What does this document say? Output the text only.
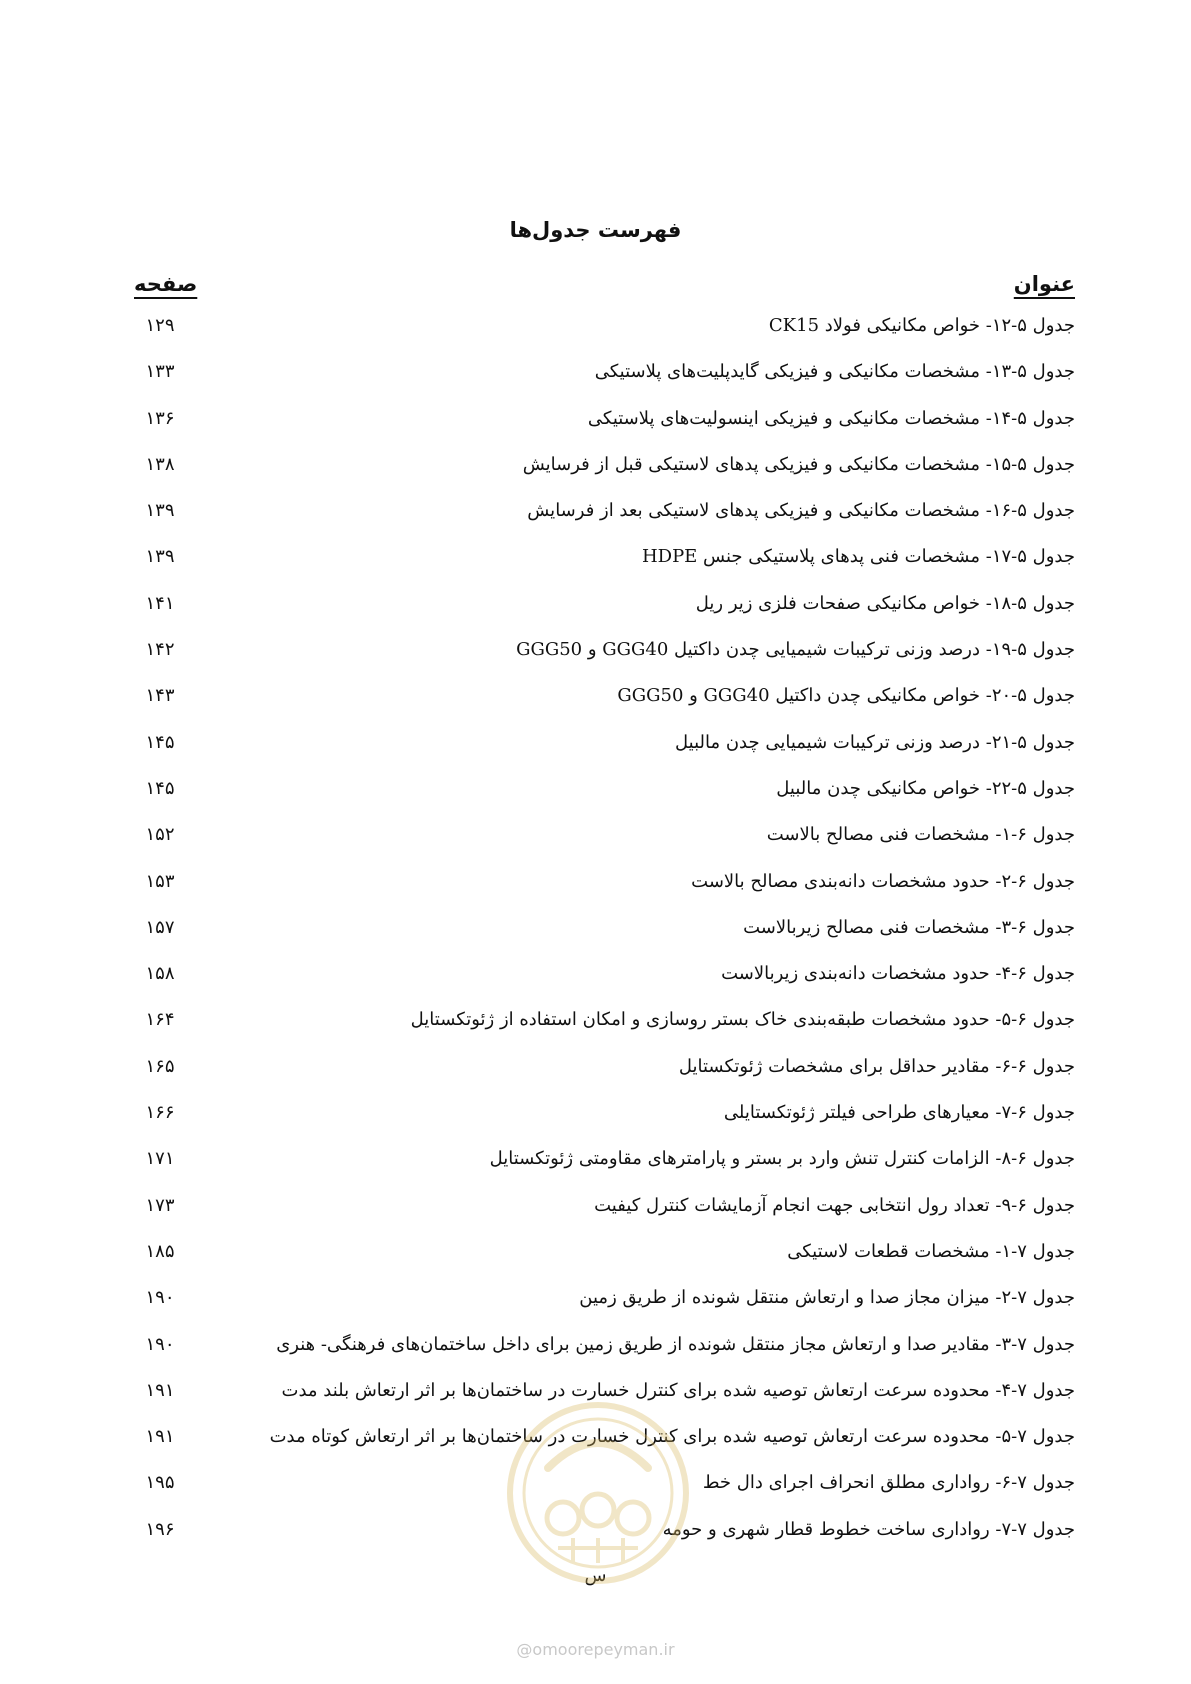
فهرست جدول‌ها
عنوان
صفحه
جدول ۵-۱۲- خواص مکانیکی فولاد CK15
۱۲۹
جدول ۵-۱۳- مشخصات مکانیکی و فیزیکی گایدپلیت‌های پلاستیکی
۱۳۳
جدول ۵-۱۴- مشخصات مکانیکی و فیزیکی اینسولیت‌های پلاستیکی
۱۳۶
جدول ۵-۱۵- مشخصات مکانیکی و فیزیکی پدهای لاستیکی قبل از فرسایش
۱۳۸
جدول ۵-۱۶- مشخصات مکانیکی و فیزیکی پدهای لاستیکی بعد از فرسایش
۱۳۹
جدول ۵-۱۷- مشخصات فنی پدهای پلاستیکی جنس HDPE
۱۳۹
جدول ۵-۱۸- خواص مکانیکی صفحات فلزی زیر ریل
۱۴۱
جدول ۵-۱۹- درصد وزنی ترکیبات شیمیایی چدن داکتیل GGG40 و GGG50
۱۴۲
جدول ۵-۲۰- خواص مکانیکی چدن داکتیل GGG40 و GGG50
۱۴۳
جدول ۵-۲۱- درصد وزنی ترکیبات شیمیایی چدن مالبیل
۱۴۵
جدول ۵-۲۲- خواص مکانیکی چدن مالبیل
۱۴۵
جدول ۶-۱- مشخصات فنی مصالح بالاست
۱۵۲
جدول ۶-۲- حدود مشخصات دانه‌بندی مصالح بالاست
۱۵۳
جدول ۶-۳- مشخصات فنی مصالح زیربالاست
۱۵۷
جدول ۶-۴- حدود مشخصات دانه‌بندی زیربالاست
۱۵۸
جدول ۶-۵- حدود مشخصات طبقه‌بندی خاک بستر روسازی و امکان استفاده از ژئوتکستایل
۱۶۴
جدول ۶-۶- مقادیر حداقل برای مشخصات ژئوتکستایل
۱۶۵
جدول ۶-۷- معیارهای طراحی فیلتر ژئوتکستایلی
۱۶۶
جدول ۶-۸- الزامات کنترل تنش وارد بر بستر و پارامترهای مقاومتی ژئوتکستایل
۱۷۱
جدول ۶-۹- تعداد رول انتخابی جهت انجام آزمایشات کنترل کیفیت
۱۷۳
جدول ۷-۱- مشخصات قطعات لاستیکی
۱۸۵
جدول ۷-۲- میزان مجاز صدا و ارتعاش منتقل شونده از طریق زمین
۱۹۰
جدول ۷-۳- مقادیر صدا و ارتعاش مجاز منتقل شونده از طریق زمین برای داخل ساختمان‌های فرهنگی- هنری
۱۹۰
جدول ۷-۴- محدوده سرعت ارتعاش توصیه شده برای کنترل خسارت در ساختمان‌ها بر اثر ارتعاش بلند مدت
۱۹۱
جدول ۷-۵- محدوده سرعت ارتعاش توصیه شده برای کنترل خسارت در ساختمان‌ها بر اثر ارتعاش کوتاه مدت
۱۹۱
جدول ۷-۶- رواداری مطلق انحراف اجرای دال خط
۱۹۵
جدول ۷-۷- رواداری ساخت خطوط قطار شهری و حومه
۱۹۶
س
@omoorepeyman.ir
